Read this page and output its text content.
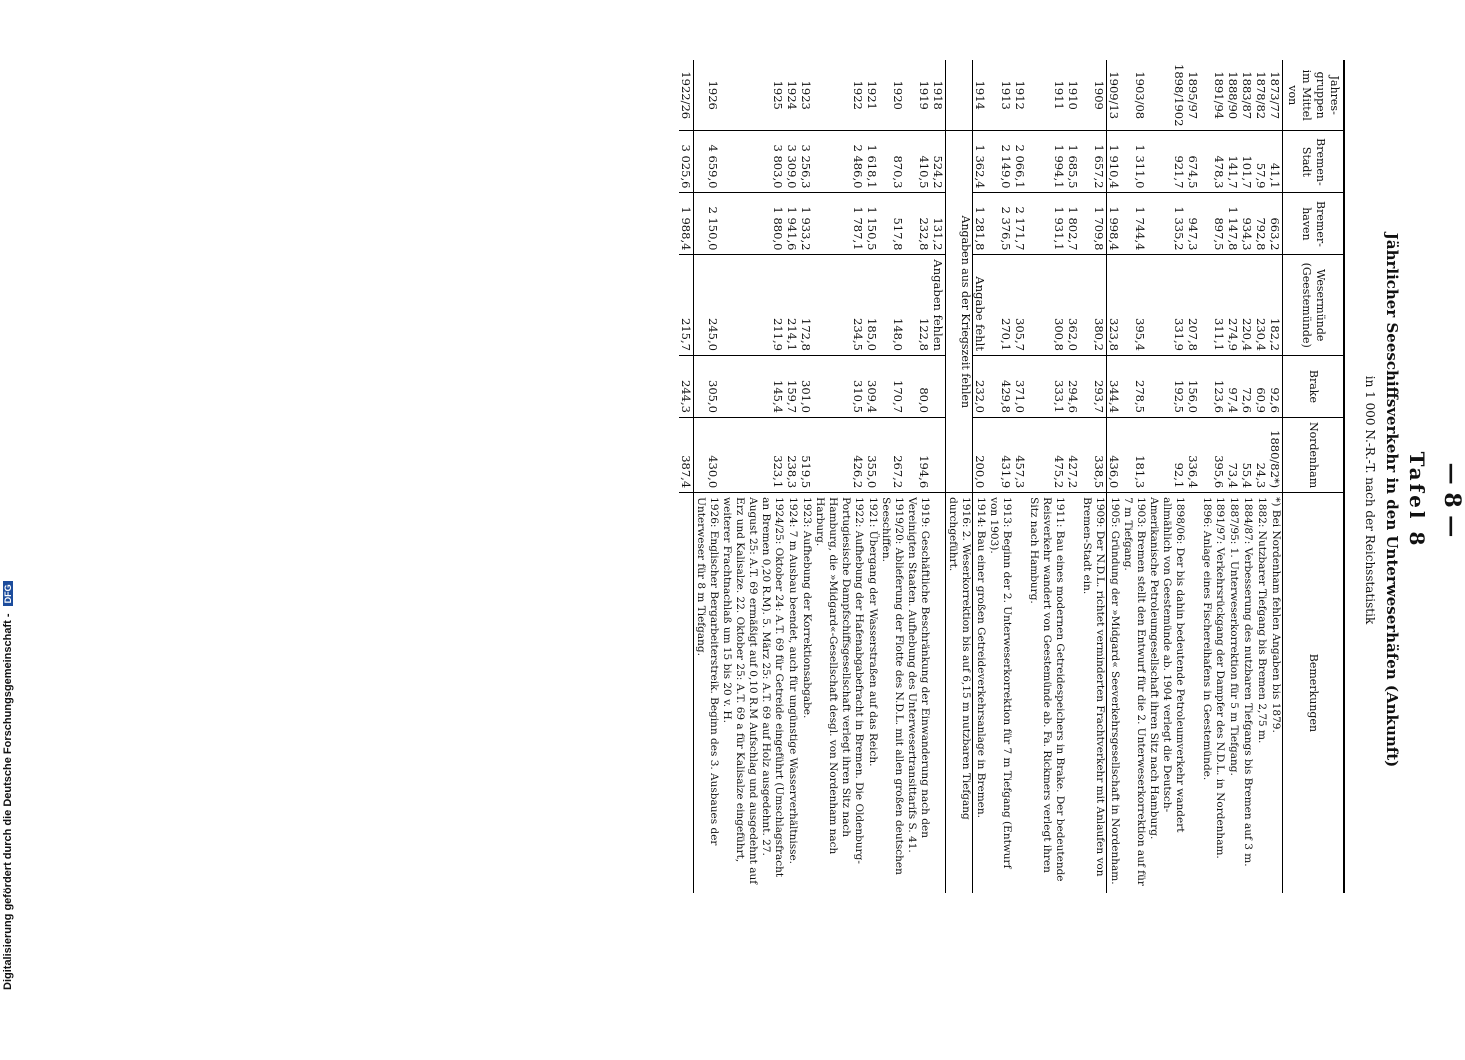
— 8 —
Tafel 8
Jährlicher Seeschiffsverkehr in den Unterweserhäfen (Ankunft)
in 1 000 N.-R.-T. nach der Reichsstatistik
Jahres-gruppen im Mittel von	Bremen-Stadt	Bremer-haven	Wesermünde (Geestemünde)	Brake	Nordenham	Bemerkungen
1873/77	41,1	663,2	182,2	92,6	1880/82*)	*) Bei Nordenham fehlen Angaben bis 1879.
1878/82	57,9	792,8	230,4	60,9	24,3	1882: Nutzbarer Tiefgang bis Bremen 2,75 m.
1883/87	101,7	934,3	220,4	72,6	55,4	1884/87: Verbesserung des nutzbaren Tiefgangs bis Bremen auf 3 m.
1888/90	141,7	1 147,8	274,9	97,4	73,4	1887/95: 1. Unterweserkorrektion für 5 m Tiefgang.
1891/94	478,3	897,5	311,1	123,6	395,6	1891/97: Verkehrsrückgang der Dampfer des N.D.L. in Nordenham. 1896: Anlage eines Fischereihafens in Geestemünde.
1895/97	674,5	947,3	207,8	156,0	336,4	
1898/1902	921,7	1 335,2	331,9	192,5	92,1	1898/06: Der bis dahin bedeutende Petroleumverkehr wandert allmählich von Geestemünde ab. 1904 verlegt die Deutsch-Amerikanische Petroleumgesellschaft ihren Sitz nach Hamburg.
1903/08	1 311,0	1 744,4	395,4	278,5	181,3	1903: Bremen stellt den Entwurf für die 2. Unterweserkorrektion auf für 7 m Tiefgang.
1909/13	1 910,4	1 998,4	323,8	344,4	436,0	1905: Gründung der »Midgard« Seeverkehrsgesellschaft in Nordenham.
1909	1 657,2	1 709,8	380,2	293,7	338,5	1909: Der N.D.L. richtet verminderten Frachtverkehr mit Anlaufen von Bremen-Stadt ein.
1910	1 685,5	1 802,7	362,0	294,6	427,2	
1911	1 994,1	1 931,1	300,8	333,1	475,2	1911: Bau eines modernen Getreidespeichers in Brake. Der bedeutende Reisverkehr wandert von Geestemünde ab. Fa. Rickmers verlegt ihren Sitz nach Hamburg.
1912	2 066,1	2 171,7	305,7	371,0	457,3	
1913	2 149,0	2 376,5	270,1	429,8	431,9	1913: Beginn der 2. Unterweserkorrektion für 7 m Tiefgang (Entwurf von 1903).
1914	1 362,4	1 281,8	Angabe fehlt	232,0	200,0	1914: Bau einer großen Getreideverkehrsanlage in Bremen.
	Angaben aus der Kriegszeit fehlen					1916: 2. Weserkorrektion bis auf 6,15 m nutzbaren Tiefgang durchgeführt.
1918	524,2	131,2	Angaben fehlen			
1919	410,5	232,8	122,8	80,0	194,6	1919: Geschäftliche Beschränkung der Einwanderung nach den Vereinigten Staaten. Aufhebung des Unterwesertransittarifs S. 41.
1920	870,3	517,8	148,0	170,7	267,2	1919/20: Ablieferung der Flotte des N.D.L. mit allen großen deutschen Seeschiffen.
1921	1 618,1	1 150,5	185,0	309,4	355,0	1921: Übergang der Wasserstraßen auf das Reich.
1922	2 486,0	1 787,1	234,5	310,5	426,2	1922: Aufhebung der Hafenabgabefracht in Bremen. Die Oldenburg-Portugiesische Dampfschiffsgesellschaft verlegt ihren Sitz nach Hamburg, die »Midgard«-Gesellschaft desgl. von Nordenham nach Harburg.
1923	3 256,3	1 933,2	172,8	301,0	519,5	1923: Aufhebung der Korrektionsabgabe.
1924	3 309,0	1 941,6	214,1	159,7	238,3	1924: 7 m Ausbau beendet, auch für ungünstige Wasserverhältnisse.
1925	3 803,0	1 880,0	211,9	145,4	323,1	1924/25: Oktober 24: A.T. 69 für Getreide eingeführt (Umschlagsfracht an Bremen 0,20 R.M). 5. März 25: A.T. 69 auf Holz ausgedehnt. 27. August 25: A.T. 69 ermäßigt auf 0,10 R.M Aufschlag und ausgedehnt auf Erz und Kalisalze. 22. Oktober 25: A.T. 69 a für Kalisalze eingeführt, weiterer Frachtnachlaß um 15 bis 20 v. H.
1926	4 659,0	2 150,0	245,0	305,0	430,0	1926: Englischer Bergarbeiterstreik. Beginn des 3. Ausbaues der Unterweser für 8 m Tiefgang.
1922/26	3 025,6	1 988,4	215,7	244,3	387,4	
Digitalisierung gefördert durch die Deutsche Forschungsgemeinschaft - DFG
